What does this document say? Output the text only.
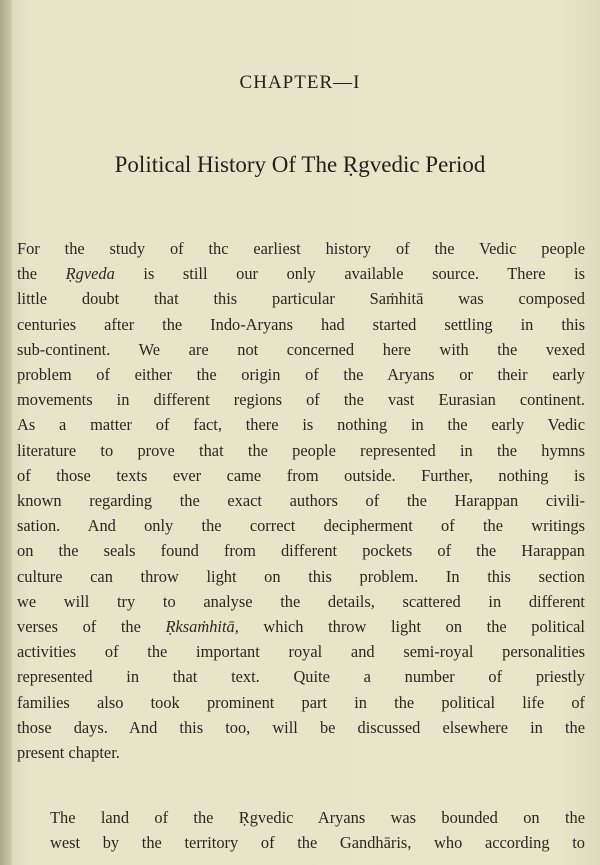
CHAPTER—I
Political History Of The Ṛgvedic Period
For the study of thc earliest history of the Vedic people
the Ṛgveda is still our only available source. There is
little doubt that this particular Saṁhitā was composed
centuries after the Indo-Aryans had started settling in this
sub-continent. We are not concerned here with the vexed
problem of either the origin of the Aryans or their early
movements in different regions of the vast Eurasian continent.
As a matter of fact, there is nothing in the early Vedic
literature to prove that the people represented in the hymns
of those texts ever came from outside. Further, nothing is
known regarding the exact authors of the Harappan civili-
sation. And only the correct decipherment of the writings
on the seals found from different pockets of the Harappan
culture can throw light on this problem. In this section
we will try to analyse the details, scattered in different
verses of the Ṛksaṁhitā, which throw light on the political
activities of the important royal and semi-royal personalities
represented in that text. Quite a number of priestly
families also took prominent part in the political life of
those days. And this too, will be discussed elsewhere in the
present chapter.
The land of the Ṛgvedic Aryans was bounded on the
west by the territory of the Gandhāris, who according to
